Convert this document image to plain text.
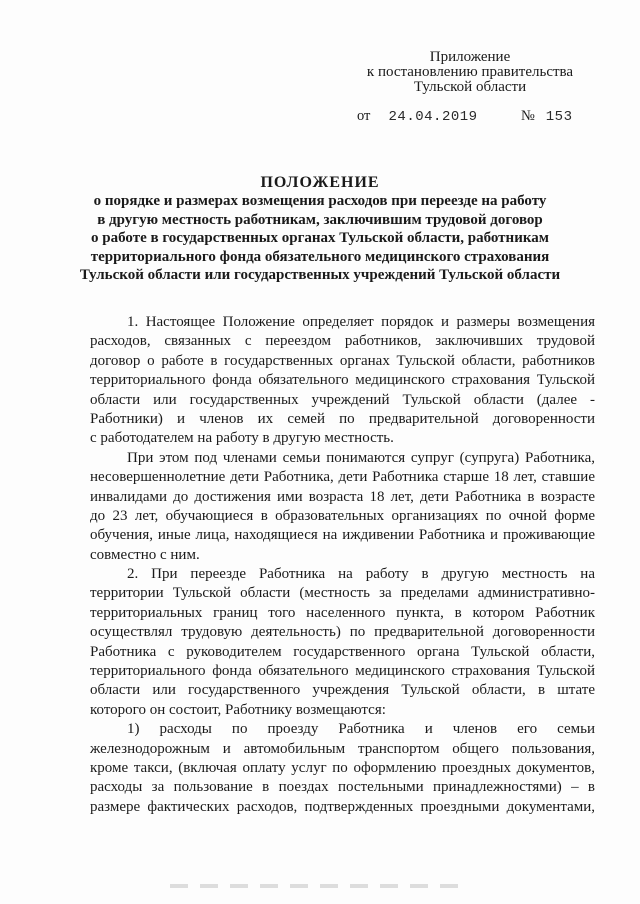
Приложение
к постановлению правительства
Тульской области
от 24.04.2019	№ 153
ПОЛОЖЕНИЕ
о порядке и размерах возмещения расходов при переезде на работу
в другую местность работникам, заключившим трудовой договор
о работе в государственных органах Тульской области, работникам
территориального фонда обязательного медицинского страхования
Тульской области или государственных учреждений Тульской области
1. Настоящее Положение определяет порядок и размеры возмещения
расходов, связанных с переездом работников, заключивших трудовой
договор о работе в государственных органах Тульской области, работников
территориального фонда обязательного медицинского страхования Тульской
области или государственных учреждений Тульской области (далее -
Работники) и членов их семей по предварительной договоренности
с работодателем на работу в другую местность.
При этом под членами семьи понимаются супруг (супруга) Работника,
несовершеннолетние дети Работника, дети Работника старше 18 лет, ставшие
инвалидами до достижения ими возраста 18 лет, дети Работника в возрасте
до 23 лет, обучающиеся в образовательных организациях по очной форме
обучения, иные лица, находящиеся на иждивении Работника и проживающие
совместно с ним.
2. При переезде Работника на работу в другую местность на
территории Тульской области (местность за пределами административно-
территориальных границ того населенного пункта, в котором Работник
осуществлял трудовую деятельность) по предварительной договоренности
Работника с руководителем государственного органа Тульской области,
территориального фонда обязательного медицинского страхования Тульской
области или государственного учреждения Тульской области, в штате
которого он состоит, Работнику возмещаются:
1) расходы по проезду Работника и членов его семьи
железнодорожным и автомобильным транспортом общего пользования,
кроме такси, (включая оплату услуг по оформлению проездных документов,
расходы за пользование в поездах постельными принадлежностями) – в
размере фактических расходов, подтвержденных проездными документами,
